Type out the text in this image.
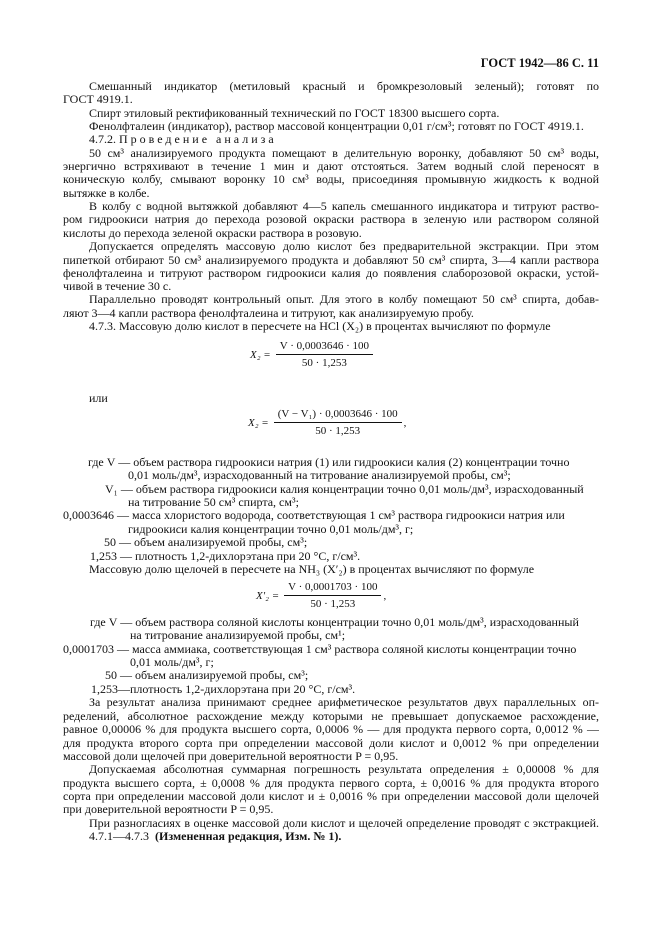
ГОСТ 1942—86 С. 11
Смешанный индикатор (метиловый красный и бромкрезоловый зеленый); готовят по
ГОСТ 4919.1.
Спирт этиловый ректификованный технический по ГОСТ 18300 высшего сорта.
Фенолфталеин (индикатор), раствор массовой концентрации 0,01 г/см³; готовят по ГОСТ 4919.1.
4.7.2. Проведение анализа
50 см³ анализируемого продукта помещают в делительную воронку, добавляют 50 см³ воды,
энергично встряхивают в течение 1 мин и дают отстояться. Затем водный слой переносят в
коническую колбу, смывают воронку 10 см³ воды, присоединяя промывную жидкость к водной
вытяжке в колбе.
В колбу с водной вытяжкой добавляют 4—5 капель смешанного индикатора и титруют раство-
ром гидроокиси натрия до перехода розовой окраски раствора в зеленую или раствором соляной
кислоты до перехода зеленой окраски раствора в розовую.
Допускается определять массовую долю кислот без предварительной экстракции. При этом
пипеткой отбирают 50 см³ анализируемого продукта и добавляют 50 см³ спирта, 3—4 капли раствора
фенолфталеина и титруют раствором гидроокиси калия до появления слаборозовой окраски, устой-
чивой в течение 30 с.
Параллельно проводят контрольный опыт. Для этого в колбу помещают 50 см³ спирта, добав-
ляют 3—4 капли раствора фенолфталеина и титруют, как анализируемую пробу.
4.7.3. Массовую долю кислот в пересчете на HCl (X₂) в процентах вычисляют по формуле
$X_2 = \frac{V \cdot 0,0003646 \cdot 100}{50 \cdot 1,253}$
или
$X_2 = \frac{\text{(V − V₁) · 0,0003646 · 100}}{50 \cdot 1,253}$ ,
где V — объем раствора гидроокиси натрия (1) или гидроокиси калия (2) концентрации точно
0,01 моль/дм³, израсходованный на титрование анализируемой пробы, см³;
V₁ — объем раствора гидроокиси калия концентрации точно 0,01 моль/дм³, израсходованный
на титрование 50 см³ спирта, см³;
0,0003646 — масса хлористого водорода, соответствующая 1 см³ раствора гидроокиси натрия или
гидроокиси калия концентрации точно 0,01 моль/дм³, г;
50 — объем анализируемой пробы, см³;
1,253 — плотность 1,2-дихлорэтана при 20 °С, г/см³.
Массовую долю щелочей в пересчете на NH₃ (X′₂) в процентах вычисляют по формуле
$X'_2 = \frac{V \cdot 0,0001703 \cdot 100}{50 \cdot 1,253}$ ,
где V — объем раствора соляной кислоты концентрации точно 0,01 моль/дм³, израсходованный
на титрование анализируемой пробы, см¹;
0,0001703 — масса аммиака, соответствующая 1 см³ раствора соляной кислоты концентрации точно
0,01 моль/дм³, г;
50 — объем анализируемой пробы, см³;
1,253—плотность 1,2-дихлорэтана при 20 °С, г/см³.
За результат анализа принимают среднее арифметическое результатов двух параллельных оп-
ределений, абсолютное расхождение между которыми не превышает допускаемое расхождение,
равное 0,00006 % для продукта высшего сорта, 0,0006 % — для продукта первого сорта, 0,0012 % —
для продукта второго сорта при определении массовой доли кислот и 0,0012 % при определении
массовой доли щелочей при доверительной вероятности P = 0,95.
Допускаемая абсолютная суммарная погрешность результата определения ± 0,00008 % для
продукта высшего сорта, ± 0,0008 % для продукта первого сорта, ± 0,0016 % для продукта второго
сорта при определении массовой доли кислот и ± 0,0016 % при определении массовой доли щелочей
при доверительной вероятности P = 0,95.
При разногласиях в оценке массовой доли кислот и щелочей определение проводят с экстракцией.
4.7.1—4.7.3 (Измененная редакция, Изм. № 1).
